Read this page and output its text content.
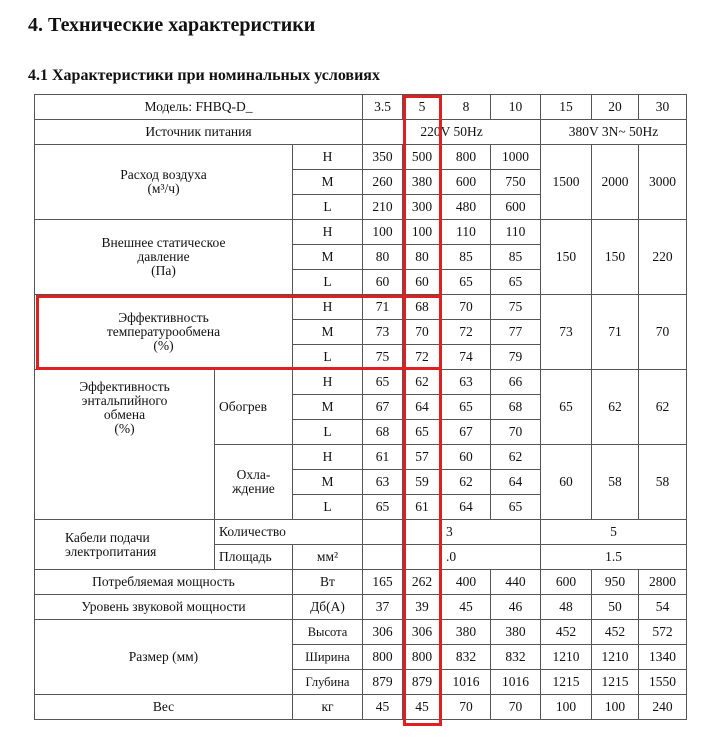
4. Технические характеристики
4.1 Характеристики при номинальных условиях
Модель: FHBQ-D_			3.5	5	8	10	15	20	30
Источник питания			220V 50Hz				380V 3N~ 50Hz		

Расход воздуха
(м³/ч)		H	350	500	800	1000	1500	2000	3000
		M	260	380	600	750			
		L	210	300	480	600			

Внешнее статическое
давление
(Па)		H	100	100	110	110	150	150	220
		M	80	80	85	85			
		L	60	60	65	65			

Эффективность
температурообмена
(%)		H	71	68	70	75	73	71	70
		M	73	70	72	77			
		L	75	72	74	79			

Эффективность
энтальпийного
обмена
(%)	Обогрев	H	65	62	63	66	65	62	62
		M	67	64	65	68			
		L	68	65	67	70			

	Охла-
ждение	H	61	57	60	62	60	58	58
		M	63	59	62	64			
		L	65	61	64	65			

Кабели подачи
электропитания	Количество				3		5		
	Площадь	мм²			.0		1.5		
Потребляемая мощность		Вт	165	262	400	440	600	950	2800
Уровень звуковой мощности		Дб(А)	37	39	45	46	48	50	54
Размер (мм)		Высота	306	306	380	380	452	452	572
		Ширина	800	800	832	832	1210	1210	1340
		Глубина	879	879	1016	1016	1215	1215	1550
Вес		кг	45	45	70	70	100	100	240
